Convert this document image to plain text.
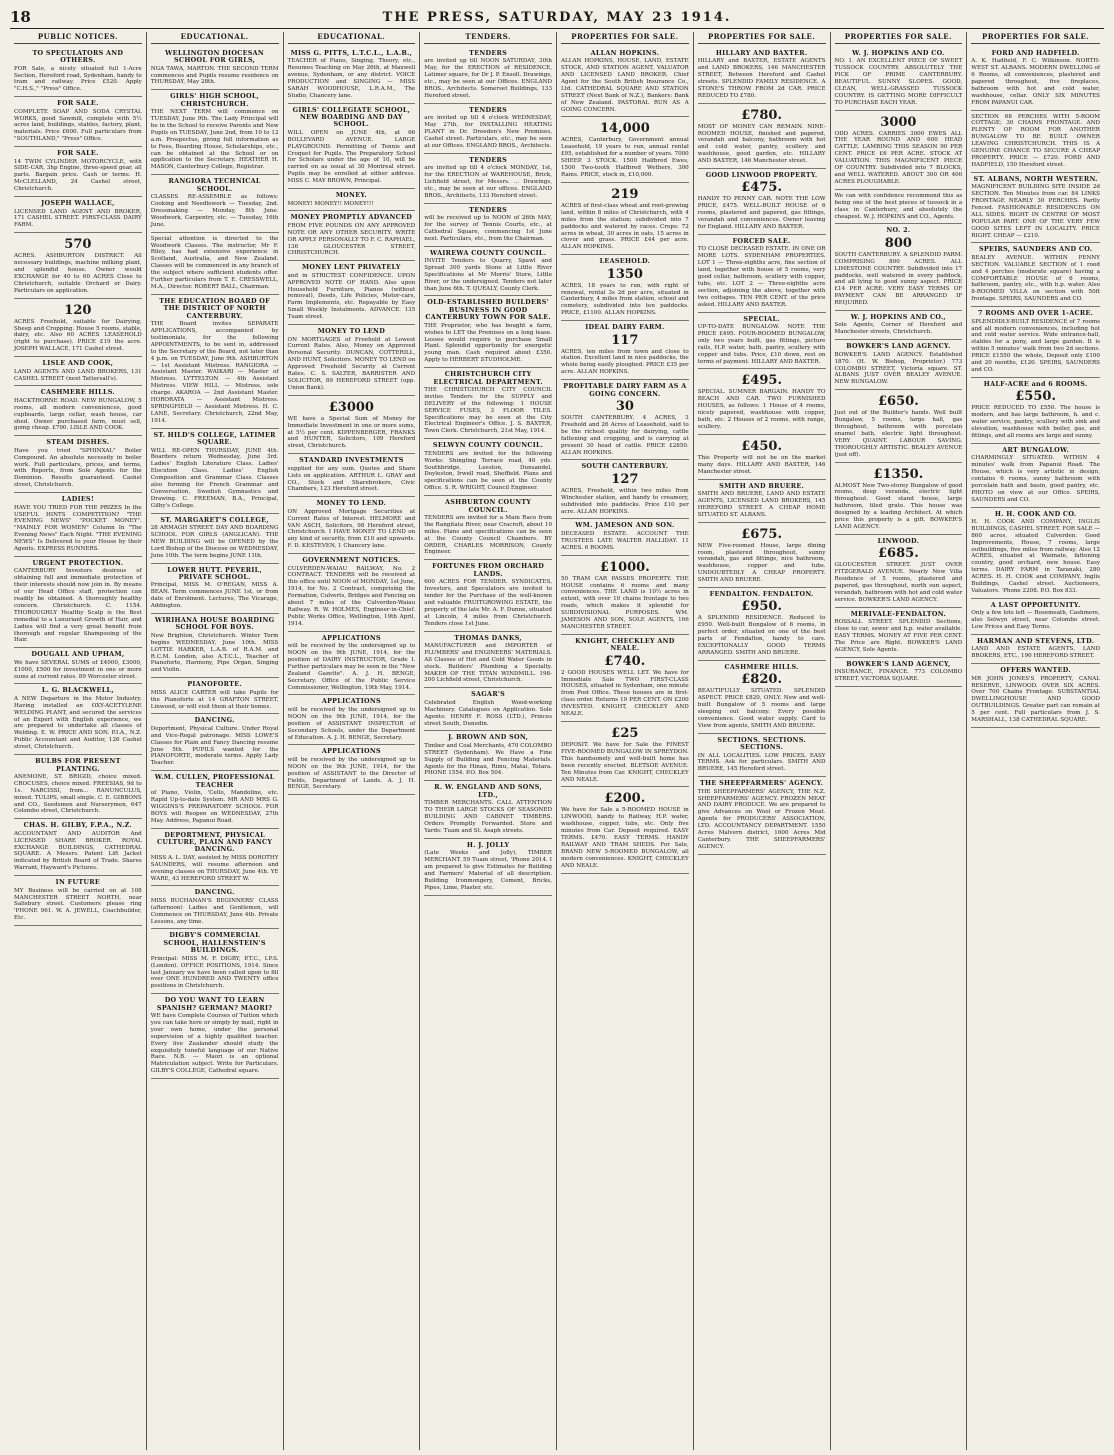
18	THE PRESS, SATURDAY, MAY 23 1914.
PUBLIC NOTICES.
TO SPECULATORS AND OTHERS.

FOR Sale, a nicely situated full 1-Acre Section, Hereford road, Sydenham, handy to tram and railway. Price £520. Apply "C.H.S.," "Press" Office.

FOR SALE.

COMPLETE SOAP AND SODA CRYSTAL WORKS, good Sawmill, complete with 5½ acres land, buildings, stables, factory, plant, materials. Price £600. Full particulars from "SOUTHLAND," "Press" Office.

FOR SALE.

14 TWIN CYLINDER MOTORCYCLE, with SIDE-CAR, 3hp Engine, three-speed gear, all parts. Bargain price. Cash or terms. H. McCLELLAND, 24 Cashel street, Christchurch.

JOSEPH WALLACE,

LICENSED LAND AGENT AND BROKER, 171 CASHEL STREET. FIRST-CLASS DAIRY FARM.

570

ACRES. ASHBURTON DISTRICT. All necessary buildings, machine milking plant, and splendid house. Owner would EXCHANGE for 40 to 60 ACRES Close to Christchurch, suitable Orchard or Dairy. Particulars on application.

120

ACRES Freehold, suitable for Dairying, Sheep and Cropping. House 5 rooms, stable, dairy, etc. Also 60 ACRES LEASEHOLD (right to purchase). PRICE £19 the acre. JOSEPH WALLACE, 171 Cashel street.

LISLE AND COOK,

LAND AGENTS AND LAND BROKERS, 131 CASHEL STREET (next Tattersall's).

CASHMERE HILLS.

HACKTHORNE ROAD. NEW BUNGALOW, 5 rooms, all modern conveniences, good cupboards, large cellar, wash house, car shed. Owner purchased farm, must sell, going cheap. £700. LISLE AND COOK.

STEAM DISHES.

Have you tried "SPHINXAL" Boiler Compound. An absolute necessity in boiler work. Full particulars, prices, and terms, with Reports, from Sole Agents for the Dominion. Results guaranteed. Cashel street, Christchurch.

LADIES!

HAVE YOU TRIED FOR THE PRIZES In the USEFUL HINTS COMPETITION? "THE EVENING NEWS" "POCKET MONEY". "MAINLY FOR WOMEN" Column In "The Evening News" Each Night. "THE EVENING NEWS" Is Delivered to your House by their Agents. EXPRESS RUNNERS.

URGENT PROTECTION.

CANTERBURY Investors desirous of obtaining full and immediate protection of their interests should now join in. By means of our Head Office staff, protection can readily be obtained. A thoroughly healthy concern. Christchurch. C. 1154. THOROUGHLY Healthy Scalp is the Best remedial to a Luxuriant Growth of Hair, and Ladies will find a very great benefit from thorough and regular Shampooing of the Hair.

DOUGALL AND UPHAM,

We have SEVERAL SUMS of £4000, £3000, £1000, £500 for investment in one or more sums at current rates. 89 Worcester street.

L. G. BLACKWELL,

A NEW Departure in the Motor Industry. Having installed an OXY-ACETYLENE WELDING PLANT, and secured the services of an Expert with English experience, we are prepared to undertake all classes of Welding. E. W. PRICE AND SON. P.I.A., N.Z. Public Accountant and Auditor, 126 Cashel street, Christchurch.

BULBS FOR PRESENT PLANTING.

ANEMONE, ST. BRIGID, choice mixed. CROCUSES, choice mixed. FREESIAS, 9d to 1s. NARCISSI, from... RANUNCULUS, mixed. TULIPS, small single. C. E. GIBBONS and CO., Seedsmen and Nurserymen, 647 Colombo street, Christchurch.

CHAS. H. GILBY, F.P.A., N.Z.

ACCOUNTANT AND AUDITOR And LICENSED SHARE BROKER. ROYAL EXCHANGE BUILDINGS, CATHEDRAL SQUARE. A Messrs. Patent Lift Jacket indicated by British Board of Trade. Shares Warrant, Hayward's Pictures.

IN FUTURE

MY Business will be carried on at 108 MANCHESTER STREET NORTH, near Salisbury street. Customers please ring 'PHONE 961. W. A. JEWELL, Coachbuilder, Etc.

EDUCATIONAL.
WELLINGTON DIOCESAN SCHOOL FOR GIRLS,

NGA TAWA, MARTON. THE SECOND TERM commences and Pupils resume residence on THURSDAY, May 28th.

GIRLS' HIGH SCHOOL, CHRISTCHURCH.

THE NEXT TERM will commence on TUESDAY, June 9th. The Lady Principal will be in the School to receive Parents and New Pupils on TUESDAY, June 2nd, from 10 to 12 a.m. Prospectus, giving full information as to Fees, Boarding House, Scholarships, etc., can be obtained at the School or on application to the Secretary. HEATHER H. MASON, Canterbury College, Registrar.

RANGIORA TECHNICAL SCHOOL.

CLASSES RE-ASSEMBLE as follows: Cooking and Needlework — Tuesday, 2nd. Dressmaking — Monday, 8th June. Woodwork, Carpentry, etc. — Tuesday, 16th June.

Special attention is directed to the Woodwork Classes. The instructor, Mr F. Riley, has had extensive experience in Scotland, Australia, and New Zealand. Classes will be commenced in any branch of the subject where sufficient students offer. Further particulars from T. E. CRESSWELL, M.A., Director. ROBERT BALL, Chairman.

THE EDUCATION BOARD OF THE DISTRICT OF NORTH CANTERBURY.

THE Board invites SEPARATE APPLICATIONS, accompanied by testimonials, for the following APPOINTMENTS, to be sent in, addressed to the Secretary of the Board, not later than 4 p.m. on TUESDAY, June 9th. ASHBURTON — 1st Assistant Mistress. RANGIORA — Assistant Master. WAIKARI — Master of Mistress. LYTTELTON — 4th Assistant Mistress. VIEW HILL — Mistress, sole charge. AKAROA — 2nd Assistant Master. HORORATA — Assistant Mistress. SPRINGFIELD — Assistant Mistress. H. C. LANE, Secretary. Christchurch, 22nd May, 1914.

ST. HILD'S COLLEGE, LATIMER SQUARE.

WILL RE-OPEN THURSDAY, JUNE 4th. Boarders return Wednesday, June 3rd. Ladies' English Literature Class. Ladies' Elocution Class. Ladies' English Composition and Grammar Class. Classes also forming for French Grammar and Conversation, Swedish Gymnastics and Drawing. C. FREEMAN, B.A., Principal, Gilby's College.

ST. MARGARET'S COLLEGE,

28 ARMAGH STREET. DAY AND BOARDING SCHOOL FOR GIRLS (ANGLICAN). THE NEW BUILDING will be OPENED by the Lord Bishop of the Diocese on WEDNESDAY, June 10th. The term begins JUNE 11th.

LOWER HUTT. PEVERIL, PRIVATE SCHOOL.

Principal, MISS M. O'REGAN, MISS A. BEAN. Term commences JUNE 1st, or from date of Enrolment. Lectures, The Vicarage, Addington.

WIRIHANA HOUSE BOARDING SCHOOL FOR BOYS.

New Brighton, Christchurch. Winter Term begins WEDNESDAY, June 10th. MISS LOTTIE HARKER, L.A.B. of R.A.M. and R.C.M. London, also A.T.C.L., Teacher of Pianoforte, Harmony, Pipe Organ, Singing and Violin.

PIANOFORTE.

MISS ALICE CARTER will take Pupils for the Pianoforte at 14 GRAFTON STREET, Linwood, or will visit them at their homes.

DANCING.

Deportment, Physical Culture. Under Royal and Vice-Regal patronage. MISS LOWE'S Classes for Plain and Fancy Dancing resume June 5th. PUPILS wanted for the PIANOFORTE, moderate terms. Apply Lady Teacher.

W.M. CULLEN, PROFESSIONAL TEACHER

of Piano, Violin, 'Cello, Mandoline, etc. Rapid Up-to-date System. MR AND MRS G. WIGGINS'S PREPARATORY SCHOOL FOR BOYS will Reopen on WEDNESDAY, 27th May. Address, Papanui Road.

DEPORTMENT, PHYSICAL CULTURE, PLAIN AND FANCY DANCING.

MISS A. L. DAY, assisted by MISS DOROTHY SAUNDERS, will resume afternoon and evening classes on THURSDAY, June 4th. YE WARE, 43 HEREFORD STREET W.

DANCING.

MISS BUCHANAN'S BEGINNERS' CLASS (afternoon) Ladies and Gentlemen, will Commence on THURSDAY, June 4th. Private Lessons, any time.

DIGBY'S COMMERCIAL SCHOOL, HALLENSTEIN'S BUILDINGS.

Principal: MISS M. F. DIGBY, P.T.C., I.P.S. (London). OFFICE POSITIONS, 1914. Since last January we have been called upon to fill over ONE HUNDRED AND TWENTY office positions in Christchurch.

DO YOU WANT TO LEARN SPANISH? GERMAN? MAORI?

WE have Complete Courses of Tuition which you can take here or simply by mail, right in your own home, under the personal supervision of a highly qualified teacher. Every live Zealander should study the exquisitely tuneful language of our Native Race. N.B. — Maori is an optional Matriculation subject. Write for Particulars. GILBY'S COLLEGE, Cathedral square.

EDUCATIONAL.
MISS G. PITTS, L.T.C.L., L.A.B.,

TEACHER of Piano, Singing, Theory, etc., Resumes Teaching on May 26th, at Maxwell avenue, Sydenham, or any district. VOICE PRODUCTION and SINGING — MISS SARAH WOODHOUSE, L.R.A.M., The Studio, Chancery lane.

GIRLS' COLLEGIATE SCHOOL, NEW BOARDING AND DAY SCHOOL.

WILL OPEN on JUNE 4th, at 66 BOLLEVARD AVENUE. LARGE PLAYGROUND. Permitting of Tennis and Croquet for Pupils. The Preparatory School for Scholars under the age of 10, will be carried on as usual at 30 Montreal street. Pupils may be enrolled at either address. MISS C. MAY BROWN, Principal.

MONEY.

MONEY! MONEY!! MONEY!!!

MONEY PROMPTLY ADVANCED

FROM FIVE POUNDS ON ANY APPROVED NOTE OR ANY OTHER SECURITY. WRITE OR APPLY PERSONALLY TO F. C. RAPHAEL, 136 GLOUCESTER STREET, CHRISTCHURCH.

MONEY LENT PRIVATELY

and in STRICTEST CONFIDENCE. UPON APPROVED NOTE OF HAND. Also upon Household Furniture, Pianos (without removal), Deeds, Life Policies, Motor-cars, Farm Implements, etc. Repayable by Easy Small Weekly Instalments. ADVANCE. 135 Tuam street.

MONEY TO LEND

ON MORTGAGES of Freehold at Lowest Current Rates. Also, Money on Approved Personal Security. DUNCAN, COTTERILL, AND HUNT, Solicitors. MONEY TO LEND on Approved Freehold Security at Current Rates. C. S. SALTER, BARRISTER AND SOLICITOR, 89 HEREFORD STREET (opp. Union Bank).

£3000

WE have a Special Sum of Money for Immediate Investment in one or more sums, at 5½ per cent. KIPPENBERGER, FRANKS and HUNTER, Solicitors, 109 Hereford street, Christchurch.

STANDARD INVESTMENTS

supplied for any sum. Quotes and Share Lists on application. ARTHUR L. GRAY and CO., Stock and Sharebrokers, Civic Chambers, 123 Hereford street.

MONEY TO LEND.

ON Approved Mortgage Securities at Current Rates of Interest. HELMORE and VAN ASCH, Solicitors, 98 Hereford street, Christchurch. I HAVE MONEY TO LEND on any kind of security, from £10 and upwards. F. D. KESTEVEN, 1 Chancery lane.

GOVERNMENT NOTICES.

CULVERDEN-WAIAU RAILWAY, No. 2 CONTRACT. TENDERS will be received at this office until NOON of MONDAY, 1st June, 1914, for No. 2 Contract, comprising the Formation, Culverts, Bridges and Fencing on about 7 miles of the Culverden-Waiau Railway. R. W. HOLMES, Engineer-in-Chief. Public Works Office, Wellington, 19th April, 1914.

APPLICATIONS

will be received by the undersigned up to NOON on the 9th JUNE, 1914, for the position of DAIRY INSTRUCTOR, Grade I. Further particulars may be seen in the "New Zealand Gazette". A. J. H. BENGE, Secretary. Office of the Public Service Commissioner, Wellington, 19th May, 1914.

APPLICATIONS

will be received by the undersigned up to NOON on the 9th JUNE, 1914, for the position of ASSISTANT INSPECTOR of Secondary Schools, under the Department of Education. A. J. H. BENGE, Secretary.

APPLICATIONS

will be received by the undersigned up to NOON on the 9th JUNE, 1914, for the position of ASSISTANT to the Director of Fields, Department of Lands. A. J. H. BENGE, Secretary.

TENDERS.
TENDERS

are invited up till NOON SATURDAY, 30th May, for the ERECTION of RESIDENCE, Latimer square, for Dr J. P. Ensoll. Drawings, etc., may be seen at our Offices. ENGLAND BROS., Architects. Somerset Buildings, 133 Hereford street.

TENDERS

are invited up till 4 o'clock WEDNESDAY, May 27th, for INSTALLING HEATING PLANT in Dr. Dreeden's New Premises, Cashel street. Particulars, etc., may be seen at our Offices. ENGLAND BROS., Architects.

TENDERS

are invited up till 4 o'clock MONDAY, 1st, for the ERECTION of WAREHOUSE, Brick, Lichfield street, for Messrs. ... Drawings, etc., may be seen at our offices. ENGLAND BROS., Architects, 133 Hereford street.

TENDERS

will be received up to NOON of 26th MAY, for the survey of Tennis Courts, etc., at Cathedral Square, commencing 1st June next. Particulars, etc., from the Chairman.

WAIREWA COUNTY COUNCIL.

INVITE Tenders to Quarry, Spawl and Spread 300 yards Stone at Little River Specifications at Mr Morris' Store, Little River, or the undersigned. Tenders not later than June 6th. T. QUEALY, County Clerk.

OLD-ESTABLISHED BUILDERS' BUSINESS IN GOOD CANTERBURY TOWN FOR SALE.

THE Proprietor, who has bought a farm, wishes to LET the Premises on a long lease. Lessee would require to purchase Small Plant. Splendid opportunity for energetic young man. Cash required about £350. Apply to HERBERT STUDHOLME.

CHRISTCHURCH CITY ELECTRICAL DEPARTMENT.

THE CHRISTCHURCH CITY COUNCIL invites Tenders for the SUPPLY and DELIVERY of the following: 1 HOUSE SERVICE FUSES, 3 FLOOR TILES. Specifications may be seen at the City Electrical Engineer's Office. J. S. BAXTER, Town Clerk. Christchurch, 21st May, 1914.

SELWYN COUNTY COUNCIL.

TENDERS are invited for the following Works: Shingling Terrace road, 40 yds. Southbridge, Leeston, Dunsandel, Doyleston, Irwell road, Sheffield. Plans and specifications can be seen at the County Office. S. R. WRIGHT, Council Engineer.

ASHBURTON COUNTY COUNCIL.

TENDERS are invited for a Main Race from the Rangitata River, near Cracroft, about 10 miles. Plans and specifications can be seen at the County Council Chambers. BY ORDER, CHARLES MORRISON, County Engineer.

FORTUNES FROM ORCHARD LANDS.

600 ACRES FOR TENDER. SYNDICATES, Investors, and Speculators are invited to tender for the Purchase of the well-known and valuable FRUITGROWING ESTATE, the property of the late Mr. A. F. Dunne, situated at Lincoln, 4 miles from Christchurch. Tenders close 1st June.

THOMAS DANKS,

MANUFACTURER and IMPORTER of PLUMBERS' and ENGINEERS' MATERIALS. All Classes of Hot and Cold Water Goods in stock. Builders' Plumbing a Specialty. MAKER OF THE TITAN WINDMILL. 198-200 Lichfield street, Christchurch.

SAGAR'S

Celebrated English Wood-working Machinery. Catalogues on Application. Sole Agents: HENRY F. ROSS (LTD.), Princes street South, Dunedin.

J. BROWN AND SON,

Timber and Coal Merchants, 470 COLOMBO STREET (Sydenham). We Have a Fine Supply of Building and Fencing Materials. Agents for the Hinau, Rimu, Matai, Totara. PHONE 1554. P.O. Box 504.

R. W. ENGLAND AND SONS, LTD.,

TIMBER MERCHANTS. CALL ATTENTION TO THEIR LARGE STOCKS OF SEASONED BUILDING AND CABINET TIMBERS. Orders Promptly Forwarded. Store and Yards: Tuam and St. Asaph streets.

H. J. JOLLY

(Late Weeks and Jolly), TIMBER MERCHANT. 59 Tuam street, 'Phone 2014. I am prepared to give Estimates for Building and Farmers' Material of all description. Building Ironmongery, Cement, Bricks, Pipes, Lime, Plaster, etc.

PROPERTIES FOR SALE.
ALLAN HOPKINS.

ALLAN HOPKINS, HOUSE, LAND, ESTATE STOCK, AND STATION AGENT, VALUATOR AND LICENSED LAND BROKER. Chief Agent for the South British Insurance Co., Ltd. CATHEDRAL SQUARE AND STATION STREET (Next Bank of N.Z.), Bankers: Bank of New Zealand. PASTORAL RUN AS A GOING CONCERN.

14,000

ACRES, Canterbury, Government annual Leasehold, 19 years to run, annual rental £95, established for a number of years. 7000 SHEEP. 3 STOCK. 1500 Halfbred Ewes, 1500 Two-tooth Halfbred Wethers, 300 Rams. PRICE, stock in, £10,000.

219

ACRES of first-class wheat and root-growing land, within 8 miles of Christchurch, with 4 miles from the station; subdivided into 7 paddocks and watered by races. Crops: 72 acres in wheat, 30 acres in oats, 15 acres in clover and grass. PRICE £44 per acre. ALLAN HOPKINS.

LEASEHOLD.
1350

ACRES, 18 years to run, with right of renewal, rental 3s 2d per acre, situated in Canterbury, 4 miles from station, school and cemetery, subdivided into ten paddocks. PRICE, £1100. ALLAN HOPKINS.

IDEAL DAIRY FARM.
117

ACRES, ten miles from town and close to station. Excellent land in nice paddocks, the whole being easily ploughed. PRICE £35 per acre. ALLAN HOPKINS.

PROFITABLE DAIRY FARM AS A GOING CONCERN.
30

SOUTH CANTERBURY. 4 ACRES, 3 Freehold and 26 Acres of Leasehold, said to be the richest quality for dairying, cattle fattening and cropping, and is carrying at present 30 head of cattle. PRICE £2850. ALLAN HOPKINS.

SOUTH CANTERBURY.
127

ACRES, Freehold, within two miles from Winchester station, and handy to creamery, subdivided into paddocks. Price £10 per acre. ALLAN HOPKINS.

WM. JAMESON AND SON.

DECEASED ESTATE. ACCOUNT THE TRUSTEES LATE WALTER HALLIDAY. 11 ACRES. 6 ROOMS.

£1000.

50 TRAM CAR PASSES PROPERTY. THE HOUSE contains 6 rooms and many conveniences. THE LAND is 10½ acres in extent, with over 10 chains frontage to two roads, which makes it splendid for SUBDIVISIONAL PURPOSES. WM. JAMESON AND SON, SOLE AGENTS, 166 MANCHESTER STREET.

KNIGHT, CHECKLEY AND NEALE.
£740.

2 GOOD HOUSES WELL LET. We have for Immediate Sale TWO FIRST-CLASS HOUSES, situated in Sydenham, one minute from Post Office. These houses are in first-class order. Returns 19 PER CENT. ON £200 INVESTED. KNIGHT, CHECKLEY AND NEALE.

£25

DEPOSIT. We have for Sale the FINEST FIVE-ROOMED BUNGALOW IN SPREYDON. This handsomely and well-built home has been recently erected. BLETSOE AVENUE. Ten Minutes from Car. KNIGHT, CHECKLEY AND NEALE.

£200.

We have for Sale a 5-ROOMED HOUSE in LINWOOD, handy to Railway, H.P. water, washhouse, copper, tubs, etc. Only five minutes from Car. Deposit required. EASY TERMS. £470. EASY TERMS. HANDY RAILWAY AND TRAM SHEDS. For Sale, BRAND NEW 5-ROOMED BUNGALOW, all modern conveniences. KNIGHT, CHECKLEY AND NEALE.

PROPERTIES FOR SALE.
HILLARY AND BAXTER.

HILLARY and BAXTER, ESTATE AGENTS and LAND BROKERS, 146 MANCHESTER STREET, Between Hereford and Cashel streets. SPLENDID FAMILY RESIDENCE. A STONE'S THROW FROM 2d CAR. PRICE REDUCED TO £780.

£780.

MOST OF MONEY CAN REMAIN. NINE-ROOMED HOUSE, finished and papered, verandah and balcony, bathroom with hot and cold water, pantry, scullery and washhouse, good garden, etc. HILLARY AND BAXTER, 146 Manchester street.

GOOD LINWOOD PROPERTY.
£475.

HANDY TO PENNY CAR. NOTE THE LOW PRICE, £475. WELL-BUILT HOUSE of 6 rooms, plastered and papered, gas fittings, verandah and conveniences. Owner leaving for England. HILLARY AND BAXTER.

FORCED SALE.

TO CLOSE DECEASED ESTATE. IN ONE OR MORE LOTS. SYDENHAM PROPERTIES. LOT 1 — Three-eighths acre, fine section of land, together with house of 5 rooms, very good cellar, bathroom, scullery with copper, tubs, etc. LOT 2 — Three-eighths acre section, adjoining the above, together with two cottages. TEN PER CENT. of the price asked. HILLARY AND BAXTER.

SPECIAL.

UP-TO-DATE BUNGALOW. NOTE THE PRICE £495. FOUR-ROOMED BUNGALOW, only two years built, gas fittings, picture rails, H.P. water, bath, pantry, scullery with copper and tubs. Price, £10 down, rest on terms of payment. HILLARY AND BAXTER.

£495.

SPECIAL. SUMNER BARGAIN. HANDY TO BEACH AND CAR. TWO FURNISHED HOUSES, as follows: 1 House of 4 rooms, nicely papered, washhouse with copper, bath, etc. 2 Houses of 2 rooms, with range, scullery.

£450.

This Property will not be on the market many days. HILLARY AND BAXTER, 146 Manchester street.

SMITH AND BRUERE.

SMITH AND BRUERE, LAND AND ESTATE AGENTS, LICENSED LAND BROKERS, 145 HEREFORD STREET. A CHEAP HOME SITUATED ST. ALBANS.

£675.

NEW Five-roomed House, large dining room, plastered throughout, sunny verandah, gas and fittings, nice bathroom, washhouse, copper and tubs. UNDOUBTEDLY A CHEAP PROPERTY. SMITH AND BRUERE.

FENDALTON. FENDALTON.
£950.

A SPLENDID RESIDENCE. Reduced to £950. Well-built Bungalow of 6 rooms, in perfect order, situated on one of the best parts of Fendalton, handy to cars. EXCEPTIONALLY GOOD TERMS ARRANGED. SMITH AND BRUERE.

CASHMERE HILLS.
£820.

BEAUTIFULLY SITUATED. SPLENDID ASPECT. PRICE £820, ONLY. New and well-built Bungalow of 5 rooms and large sleeping out balcony. Every possible convenience. Good water supply. Card to View from agents, SMITH AND BRUERE.

SECTIONS. SECTIONS. SECTIONS.

IN ALL LOCALITIES. LOW PRICES. EASY TERMS. Ask for particulars. SMITH AND BRUERE, 145 Hereford street.

THE SHEEPFARMERS' AGENCY.

THE SHEEPFARMERS' AGENCY, THE N.Z. SHEEPFARMERS' AGENCY. FROZEN MEAT AND DAIRY PRODUCE. We are prepared to give Advances on Wool or Frozen Meat. Agents for PRODUCERS' ASSOCIATION, LTD. ACCOUNTANCY DEPARTMENT. 1550 Acres Malvern district, 1600 Acres Mid Canterbury. THE SHEEPFARMERS' AGENCY.

PROPERTIES FOR SALE.
W. J. HOPKINS AND CO.

NO. 1. AN EXCELLENT PIECE OF SWEET TUSSOCK COUNTRY. ABSOLUTELY THE PICK OF PRIME CANTERBURY. BEAUTIFUL SUNNY SLOPES. GOOD, CLEAN, WELL-GRASSED TUSSOCK COUNTRY. IS GETTING MORE DIFFICULT TO PURCHASE EACH YEAR.

3000

ODD ACRES. CARRIES 3000 EWES ALL THE YEAR ROUND AND 600 HEAD CATTLE. LAMBING THIS SEASON 90 PER CENT. PRICE £6 PER ACRE. STOCK AT VALUATION. THIS MAGNIFICENT PIECE OF COUNTRY. Subdivided into 7 BLOCKS, and WELL WATERED. ABOUT 300 OR 400 ACRES PLOUGHABLE.

We can with confidence recommend this as being one of the best pieces of tussock in a class in Canterbury, and absolutely the cheapest. W. J. HOPKINS and CO., Agents.

NO. 2.
800

SOUTH CANTERBURY. A SPLENDID FARM. COMPRISING 800 ACRES. ALL LIMESTONE COUNTRY. Subdivided into 17 paddocks, well watered in every paddock, and all lying to good sunny aspect. PRICE £14 PER ACRE. VERY EASY TERMS OF PAYMENT CAN BE ARRANGED IF REQUIRED.

W. J. HOPKINS AND CO.,

Sole Agents, Corner of Hereford and Manchester streets, Christchurch.

BOWKER'S LAND AGENCY.

BOWKER'S LAND AGENCY. Established 1870. (H. W. Bishop, Proprietor.) 773 COLOMBO STREET, Victoria square. ST. ALBANS JUST OVER BEALEY AVENUE. NEW BUNGALOW.

£650.

Just out of the Builder's hands. Well built Bungalow, 5 rooms, large hall, gas throughout, bathroom with porcelain enamel bath, electric light throughout. VERY QUAINT. LABOUR SAVING. THOROUGHLY ARTISTIC. BEALEY AVENUE (just off).

£1350.

ALMOST New Two-storey Bungalow of good rooms, deep veranda, electric light throughout. Good stand house, large bathroom, tiled grate. This house was designed by a leading Architect. At which price this property is a gift. BOWKER'S LAND AGENCY.

LINWOOD.
£685.

GLOUCESTER STREET. JUST OVER FITZGERALD AVENUE. Nearly New Villa Residence of 5 rooms, plastered and papered, gas throughout, north sun aspect, verandah, bathroom with hot and cold water service. BOWKER'S LAND AGENCY.

MERIVALE-FENDALTON.

ROSSALL STREET. SPLENDID Sections, close to car, sewer and h.p. water available. EASY TERMS. MONEY AT FIVE PER CENT. The Price are Right. BOWKER'S LAND AGENCY, Sole Agents.

BOWKER'S LAND AGENCY,

INSURANCE, FINANCE. 773 COLOMBO STREET, VICTORIA SQUARE.

PROPERTIES FOR SALE.
FORD AND HADFIELD.

A. K. Hadfield, F. C. Wilkinson. NORTH-WEST ST. ALBANS. MODERN DWELLING of 6 Rooms, all conveniences, plastered and papered throughout, five fireplaces, bathroom with hot and cold water, washhouse, cellar. ONLY SIX MINUTES FROM PAPANUI CAR.

SECTION 68 PERCHES WITH 5-ROOM COTTAGE; 30 CHAINS FRONTAGE. AND PLENTY OF ROOM FOR ANOTHER BUNGALOW TO BE BUILT. OWNER LEAVING CHRISTCHURCH. THIS IS A GENUINE CHANCE TO SECURE A CHEAP PROPERTY. PRICE — £720. FORD AND HADFIELD, 150 Hereford street.

ST. ALBANS, NORTH WESTERN.

MAGNIFICENT BUILDING SITE INSIDE 2d SECTION. Ten Minutes from car. 84 LINKS FRONTAGE NEARLY 30 PERCHES. Partly Fenced. FASHIONABLE RESIDENCES ON ALL SIDES. RIGHT IN CENTRE OF MOST POPULAR PART. ONE OF THE VERY FEW GOOD SITES LEFT IN LOCALITY. PRICE RIGHT. CHEAP — £210.

SPEIRS, SAUNDERS AND CO.

BEALEY AVENUE. WITHIN PENNY SECTION. VALUABLE SECTION of 1 rood and 4 perches (moderate square) having a COMFORTABLE HOUSE of 6 rooms, bathroom, pantry, etc., with h.p. water. Also 8-ROOMED VILLA on section with 50ft frontage. SPEIRS, SAUNDERS and CO.

7 ROOMS AND OVER 1-ACRE.

SPLENDIDLY-BUILT RESIDENCE of 7 rooms and all modern conveniences, including hot and cold water service. Wide entrance-hall, stables for a pony, and large garden. It is within 5 minutes' walk from two 2d sections. PRICE £1550 the whole, Deposit only £100 and 20 months, £120. SPEIRS, SAUNDERS and CO.

HALF-ACRE and 6 ROOMS.
£550.

PRICE REDUCED TO £550. The house is modern, and has large bathroom, h. and c. water service, pantry, scullery with sink and elevation, washhouse with boiler, gas, and fittings, and all rooms are large and sunny.

ART BUNGALOW.

CHARMINGLY SITUATED. WITHIN 4 minutes' walk from Papanui Road. The House, which is very artistic in design, contains 6 rooms, sunny bathroom with porcelain bath and basin, good pantry, etc. PHOTO on view at our Office. SPEIRS, SAUNDERS and CO.

H. H. COOK AND CO.

H. H. COOK AND COMPANY, INGLIS BUILDINGS, CASHEL STREET. FOR SALE — 860 acres, situated Culverden. Good Improvements, House, 7 rooms, large outbuildings, five miles from railway. Also 12 ACRES, situated at Waimate, fattening country, good orchard, new house. Easy terms. DAIRY FARM in Taranaki, 280 ACRES. H. H. COOK and COMPANY, Inglis Buildings, Cashel street. Auctioneers, Valuators. 'Phone 2208. P.O. Box 833.

A LAST OPPORTUNITY.

Only a few lots left — Rosemeath, Cashmere, also Selwyn street, near Colombo street. Low Prices and Easy Terms.

HARMAN AND STEVENS, LTD.

LAND AND ESTATE AGENTS, LAND BROKERS, ETC., 190 HEREFORD STREET.

OFFERS WANTED.

MR JOHN JONES'S PROPERTY, CANAL RESERVE, LINWOOD. OVER SIX ACRES. Over 700 Chains Frontage. SUBSTANTIAL DWELLINGHOUSE AND GOOD OUTBUILDINGS. Greater part can remain at 5 per cent. Full particulars from J. S. MARSHALL, 138 CATHEDRAL SQUARE.
